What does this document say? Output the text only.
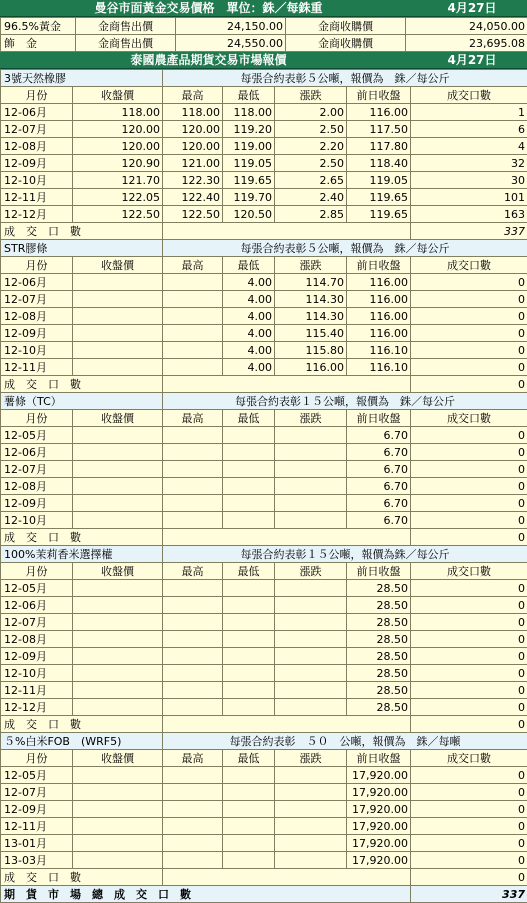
曼谷市面黃金交易價格　 單位：銖／每銖重	4月27日
96.5%黃金	金商售出價	24,150.00	金商收購價	24,050.00
飾　金	金商售出價	24,550.00	金商收購價	23,695.08
泰國農產品期貨交易市場報價	4月27日
3號天然橡膠		每張合約表彰５公噸，報價為　銖／每公斤				
月份	收盤價	最高	最低	漲跌	前日收盤	成交口數
12-06月	118.00	118.00	118.00	2.00	116.00	1
12-07月	120.00	120.00	119.20	2.50	117.50	6
12-08月	120.00	120.00	119.00	2.20	117.80	4
12-09月	120.90	121.00	119.05	2.50	118.40	32
12-10月	121.70	122.30	119.65	2.65	119.05	30
12-11月	122.05	122.40	119.70	2.40	119.65	101
12-12月	122.50	122.50	120.50	2.85	119.65	163
成　交　口　數						337
STR膠條		每張合約表彰５公噸，報價為　銖／每公斤				
月份	收盤價	最高	最低	漲跌	前日收盤	成交口數
12-06月			4.00	114.70	116.00	0
12-07月			4.00	114.30	116.00	0
12-08月			4.00	114.30	116.00	0
12-09月			4.00	115.40	116.00	0
12-10月			4.00	115.80	116.10	0
12-11月			4.00	116.00	116.10	0
成　交　口　數						0
薯條（TC）		每張合約表彰１５公噸，報價為　銖／每公斤				
月份	收盤價	最高	最低	漲跌	前日收盤	成交口數
12-05月					6.70	0
12-06月					6.70	0
12-07月					6.70	0
12-08月					6.70	0
12-09月					6.70	0
12-10月					6.70	0
成　交　口　數						0
100%茉莉香米選擇權		每張合約表彰１５公噸，報價為銖／每公斤				
月份	收盤價	最高	最低	漲跌	前日收盤	成交口數
12-05月					28.50	0
12-06月					28.50	0
12-07月					28.50	0
12-08月					28.50	0
12-09月					28.50	0
12-10月					28.50	0
12-11月					28.50	0
12-12月					28.50	0
成　交　口　數						0
５%白米FOB　(WRF5)		每張合約表彰　５０　公噸，報價為　銖／每噸				
月份	收盤價	最高	最低	漲跌	前日收盤	成交口數
12-05月					17,920.00	0
12-07月					17,920.00	0
12-09月					17,920.00	0
12-11月					17,920.00	0
13-01月					17,920.00	0
13-03月					17,920.00	0
成　交　口　數						0
期　貨　市　場　總　成　交　口　數						337
